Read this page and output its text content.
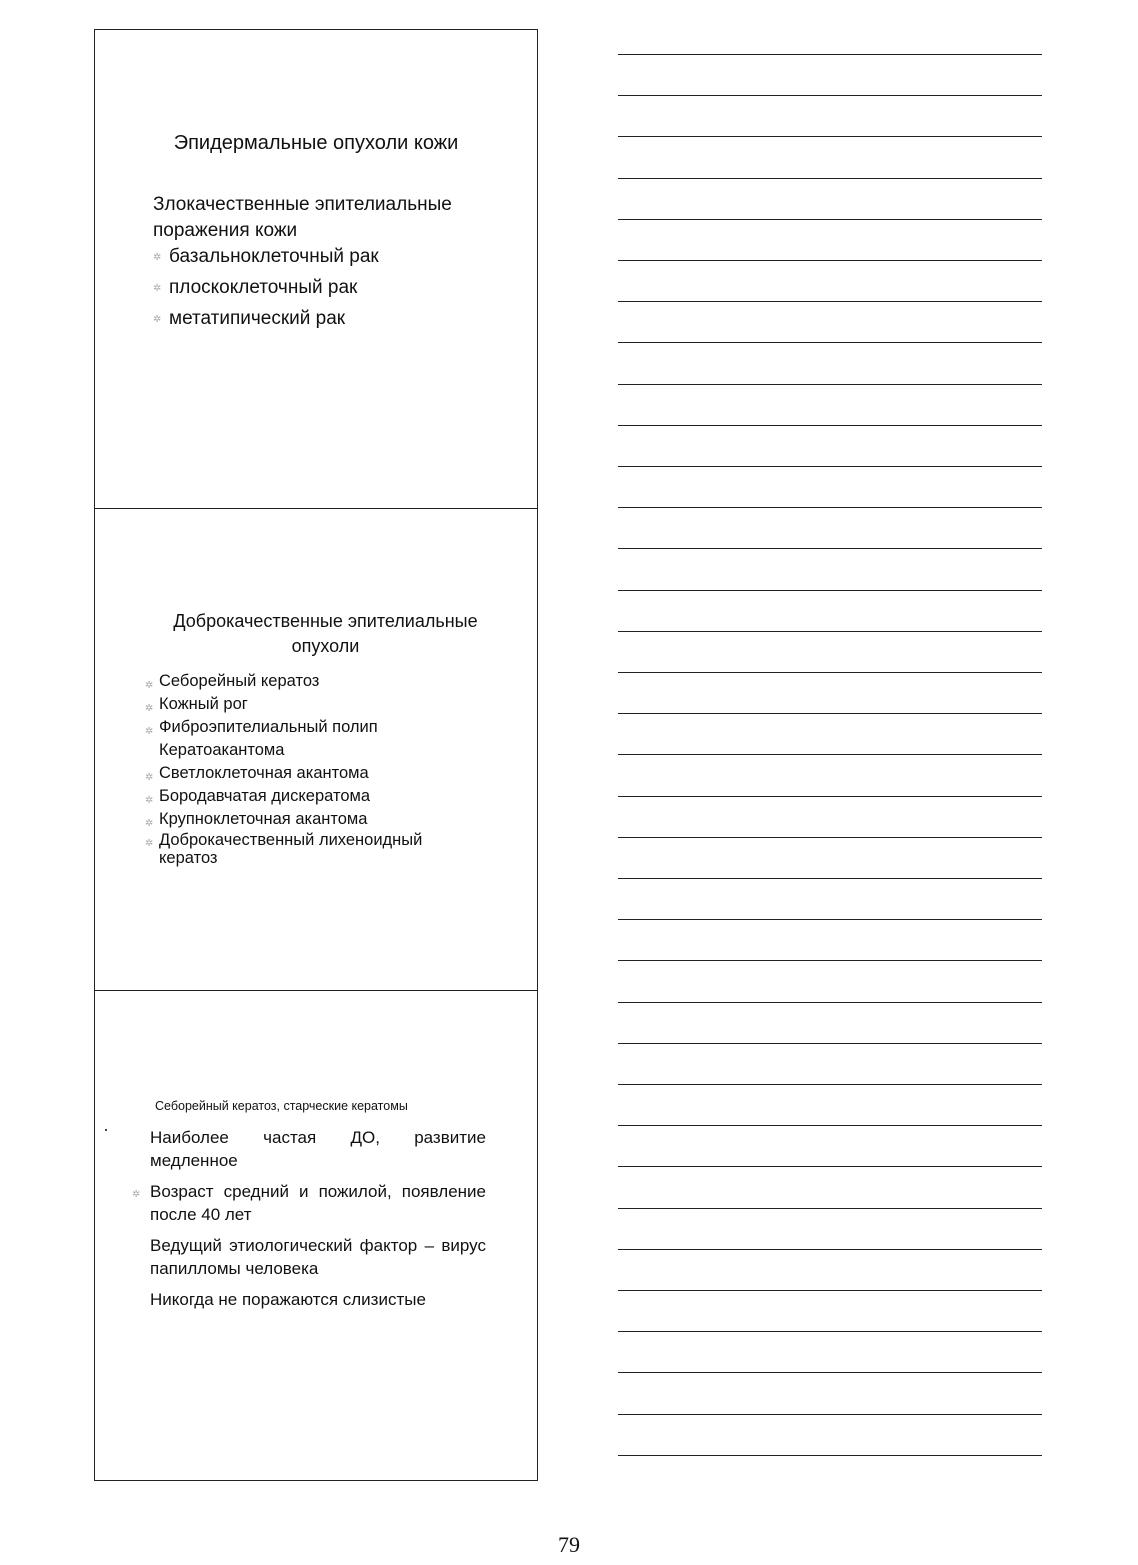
Эпидермальные опухоли кожи
Злокачественные эпителиальные поражения кожи
✲ базальноклеточный рак
✲ плоскоклеточный рак
✲ метатипический рак
Доброкачественные эпителиальные опухоли
✲ Себорейный кератоз
✲ Кожный рог
✲ Фиброэпителиальный полип
Кератоакантома
✲ Светлоклеточная акантома
✲ Бородавчатая дискератома
✲ Крупноклеточная акантома
✲ Доброкачественный лихеноидный кератоз
Себорейный кератоз, старческие кератомы

Наиболее частая ДО, развитие медленное

✲ Возраст средний и пожилой, появление после 40 лет

Ведущий этиологический фактор – вирус папилломы человека

Никогда не поражаются слизистые

79
